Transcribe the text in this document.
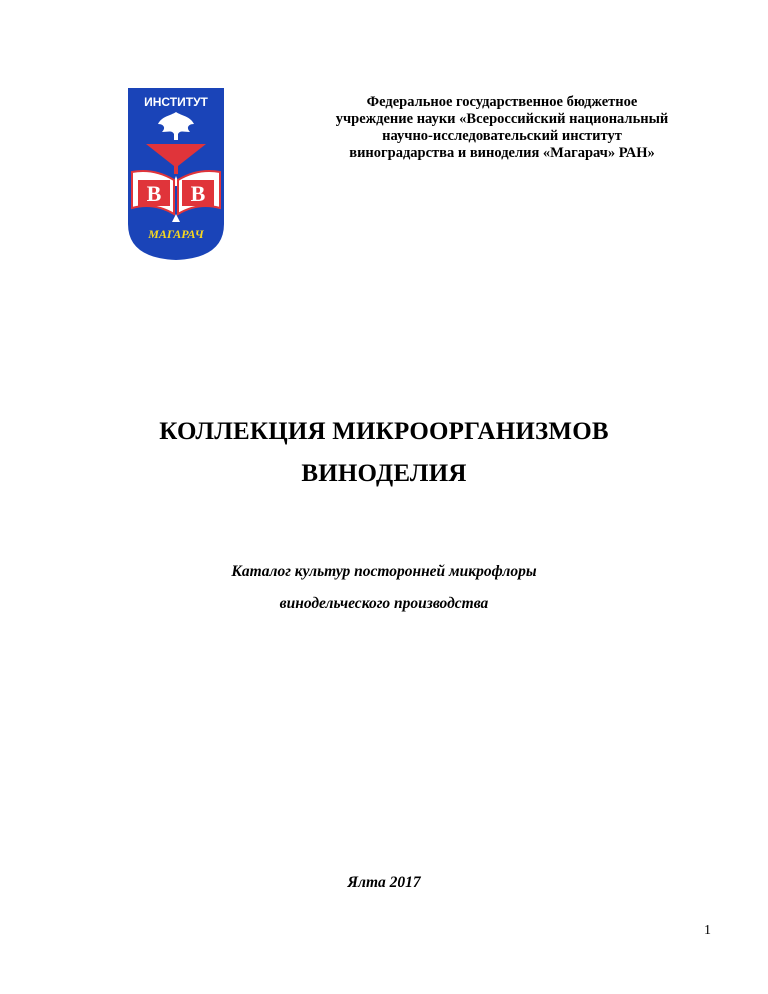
ИНСТИТУТ
В В
МАГАРАЧ
Федеральное государственное бюджетное
учреждение науки «Всероссийский национальный
научно-исследовательский институт
виноградарства и виноделия «Магарач» РАН»
КОЛЛЕКЦИЯ МИКРООРГАНИЗМОВ
ВИНОДЕЛИЯ
Каталог культур посторонней микрофлоры
винодельческого производства
Ялта 2017
1
